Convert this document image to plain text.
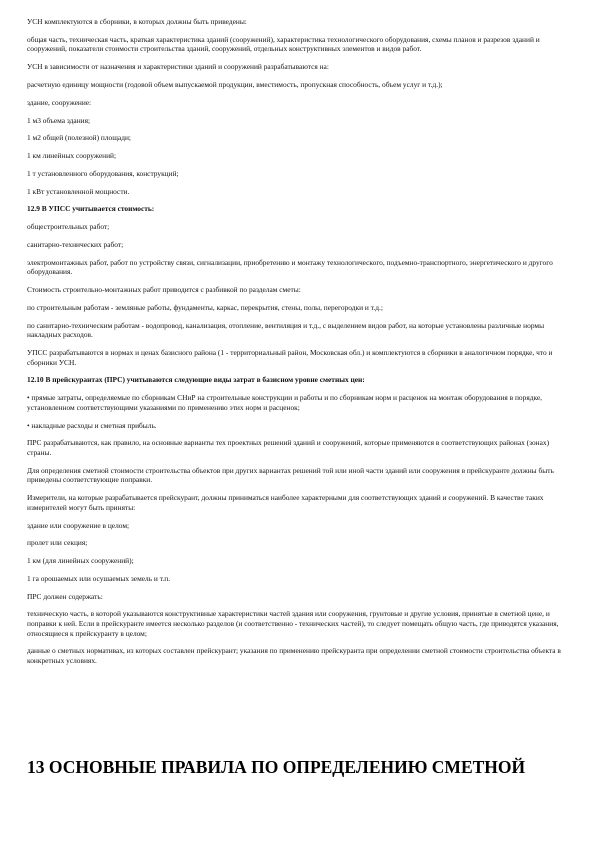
УСН комплектуются в сборники, в которых должны быть приведены:

общая часть, техническая часть, краткая характеристика зданий (сооружений), характеристика технологического оборудования, схемы планов и разрезов зданий и сооружений, показатели стоимости строительства зданий, сооружений, отдельных конструктивных элементов и видов работ.

УСН в зависимости от назначения и характеристики зданий и сооружений разрабатываются на:

расчетную единицу мощности (годовой объем выпускаемой продукции, вместимость, пропускная способность, объем услуг и т.д.);

здание, сооружение:

1 м3 объема здания;

1 м2 общей (полезной) площади;

1 км линейных сооружений;

1 т установленного оборудования, конструкций;

1 кВт установленной мощности.

12.9 В УПСС учитывается стоимость:

общестроительных работ;

санитарно-технических работ;

электромонтажных работ, работ по устройству связи, сигнализации, приобретению и монтажу технологического, подъемно-транспортного, энергетического и другого оборудования.

Стоимость строительно-монтажных работ приводится с разбивкой по разделам сметы:

по строительным работам - земляные работы, фундаменты, каркас, перекрытия, стены, полы, перегородки и т.д.;

по санитарно-техническим работам - водопровод, канализация, отопление, вентиляция и т.д., с выделением видов работ, на которые установлены различные нормы накладных расходов.

УПСС разрабатываются в нормах и ценах базисного района (1 - территориальный район, Московская обл.) и комплектуются в сборники в аналогичном порядке, что и сборники УСН.

12.10 В прейскурантах (ПРС) учитываются следующие виды затрат в базисном уровне сметных цен:

• прямые затраты, определяемые по сборникам СНиР на строительные конструкции и работы и по сборникам норм и расценок на монтаж оборудования в порядке, установленном соответствующими указаниями по применению этих норм и расценок;

• накладные расходы и сметная прибыль.

ПРС разрабатываются, как правило, на основные варианты тех проектных решений зданий и сооружений, которые применяются в соответствующих районах (зонах) страны.

Для определения сметной стоимости строительства объектов при других вариантах решений той или иной части зданий или сооружения в прейскуранте должны быть приведены соответствующие поправки.

Измерители, на которые разрабатывается прейскурант, должны приниматься наиболее характерными для соответствующих зданий и сооружений. В качестве таких измерителей могут быть приняты:

здание или сооружение в целом;

пролет или секция;

1 км (для линейных сооружений);

1 га орошаемых или осушаемых земель и т.п.

ПРС должен содержать:

техническую часть, в которой указываются конструктивные характеристики частей здания или сооружения, грунтовые и другие условия, принятые в сметной цене, и поправки к ней. Если в прейскуранте имеется несколько разделов (и соответственно - технических частей), то следует помещать общую часть, где приводятся указания, относящиеся к прейскуранту в целом;

данные о сметных нормативах, из которых составлен прейскурант; указания по применению прейскуранта при определении сметной стоимости строительства объекта в конкретных условиях.

13 ОСНОВНЫЕ ПРАВИЛА ПО ОПРЕДЕЛЕНИЮ СМЕТНОЙ
